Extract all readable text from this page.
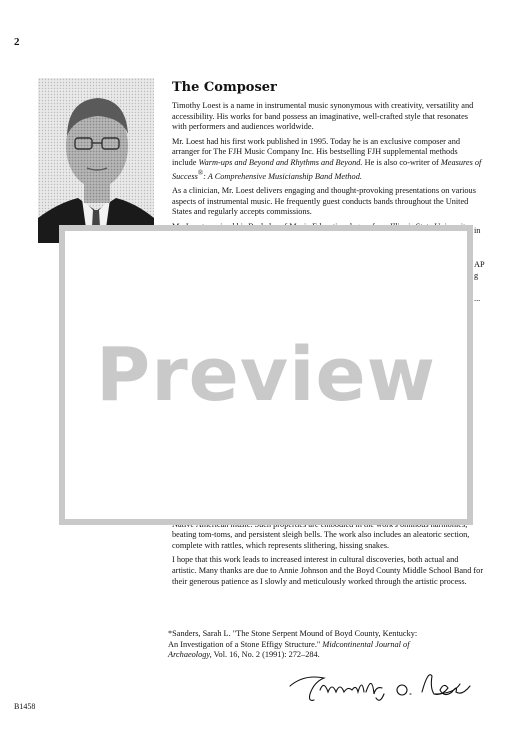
2
The Composer

Timothy Loest is a name in instrumental music synonymous with creativity, versatility and accessibility. His works for band possess an imaginative, well-crafted style that resonates with performers and audiences worldwide.

Mr. Loest had his first work published in 1995. Today he is an exclusive composer and arranger for The FJH Music Company Inc. His bestselling FJH supplemental methods include Warm-ups and Beyond and Rhythms and Beyond. He is also co-writer of Measures of Success®: A Comprehensive Musicianship Band Method.

As a clinician, Mr. Loest delivers engaging and thought-provoking presentations on various aspects of instrumental music. He frequently guest conducts bands throughout the United States and regularly accepts commissions.

in
AP
g
...

beating tom-toms, and persistent sleigh bells. The work also includes an aleatoric section, complete with rattles, which represents slithering, hissing snakes.

I hope that this work leads to increased interest in cultural discoveries, both actual and artistic. Many thanks are due to Annie Johnson and the Boyd County Middle School Band for their generous patience as I slowly and meticulously worked through the artistic process.

*Sanders, Sarah L. "The Stone Serpent Mound of Boyd County, Kentucky:
An Investigation of a Stone Effigy Structure." Midcontinental Journal of
Archaeology, Vol. 16, No. 2 (1991): 272–284.
B1458
Preview
